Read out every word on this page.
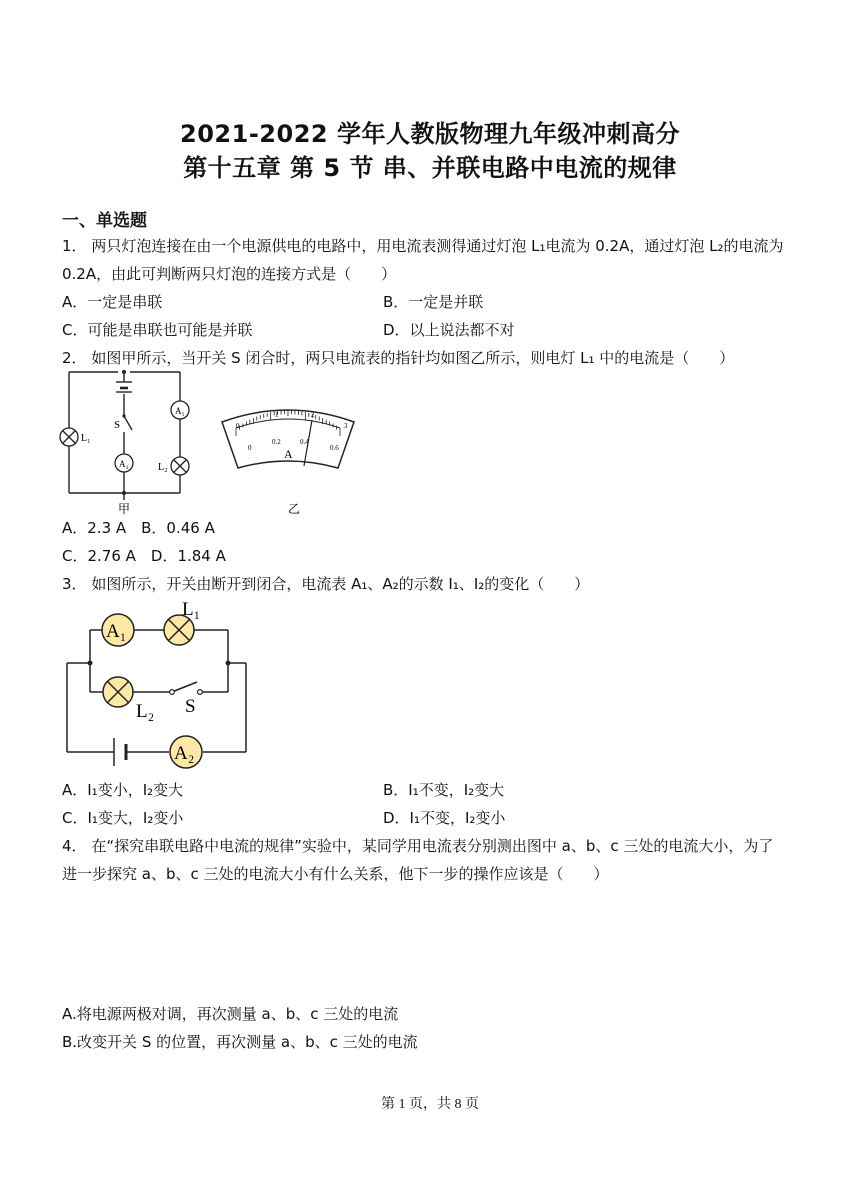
2021-2022 学年人教版物理九年级冲刺高分
第十五章 第 5 节 串、并联电路中电流的规律
一、单选题
1． 两只灯泡连接在由一个电源供电的电路中，用电流表测得通过灯泡 L₁电流为 0.2A，通过灯泡 L₂的电流为
0.2A，由此可判断两只灯泡的连接方式是（　　）
A．一定是串联	B．一定是并联
C．可能是串联也可能是并联	D．以上说法都不对
2． 如图甲所示，当开关 S 闭合时，两只电流表的指针均如图乙所示，则电灯 L₁ 中的电流是（　　）
A₁
A₂
L₁
L₂
S
甲
0
1	2
3
0
0.2	0.4
0.6
A
乙
A．2.3 A　B．0.46 A
C．2.76 A　D．1.84 A
3． 如图所示，开关由断开到闭合，电流表 A₁、A₂的示数 I₁、I₂的变化（　　）
A₁
L₁
L₂ S
A₂
A．I₁变小，I₂变大	B．I₁不变，I₂变大
C．I₁变大，I₂变小	D．I₁不变，I₂变小
4． 在“探究串联电路中电流的规律”实验中，某同学用电流表分别测出图中 a、b、c 三处的电流大小，为了
进一步探究 a、b、c 三处的电流大小有什么关系，他下一步的操作应该是（　　）
A.将电源两极对调，再次测量 a、b、c 三处的电流
B.改变开关 S 的位置，再次测量 a、b、c 三处的电流
第 1 页，共 8 页
